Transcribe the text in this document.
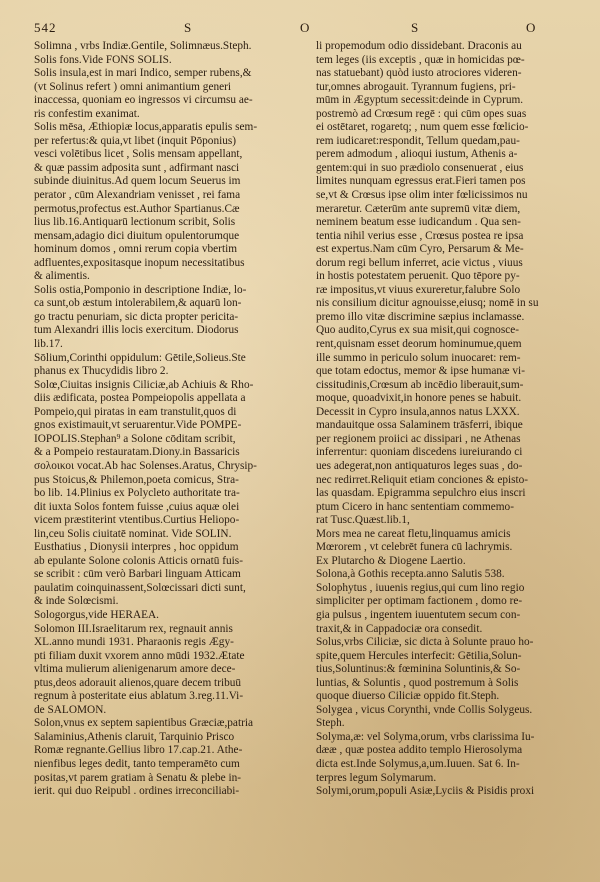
542	S	O	S	O
Solimna , vrbs Indiæ.Gentile, Solimnæus.Steph.
Solis fons.Vide FONS SOLIS.
Solis insula,est in mari Indico, semper rubens,&
(vt Solinus refert ) omni animantium generi
inaccessa, quoniam eo ingressos vi circumsu ae-
ris confestim exanimat.
Solis mēsa, Æthiopiæ locus,apparatis epulis sem-
per refertus:& quia,vt libet (inquit Pōponius)
vesci volētibus licet , Solis mensam appellant,
& quæ passim adposita sunt , adfirmant nasci
subinde diuinitus.Ad quem locum Seuerus im
perator , cūm Alexandriam venisset , rei fama
permotus,profectus est.Author Spartianus.Cæ
lius lib.16.Antiquarū lectionum scribit, Solis
mensam,adagio dici diuitum opulentorumque
hominum domos , omni rerum copia vbertim
adfluentes,expositasque inopum necessitatibus
& alimentis.
Solis ostia,Pomponio in descriptione Indiæ, lo-
ca sunt,ob æstum intolerabilem,& aquarū lon-
go tractu penuriam, sic dicta propter pericita-
tum Alexandri illis locis exercitum. Diodorus
lib.17.
Sōlium,Corinthi oppidulum: Gētile,Solieus.Ste
phanus ex Thucydidis libro 2.
Solœ,Ciuitas insignis Ciliciæ,ab Achiuis & Rho-
diis ædificata, postea Pompeiopolis appellata a
Pompeio,qui piratas in eam transtulit,quos di
gnos existimauit,vt seruarentur.Vide POMPE-
IOPOLIS.Stephan⁹ a Solone cōditam scribit,
& a Pompeio restauratam.Diony.in Bassaricis
σολοικοι vocat.Ab hac Solenses.Aratus, Chrysip-
pus Stoicus,& Philemon,poeta comicus, Stra-
bo lib. 14.Plinius ex Polycleto authoritate tra-
dit iuxta Solos fontem fuisse ,cuius aquæ olei
vicem præstiterint vtentibus.Curtius Heliopo-
lin,ceu Solis ciuitatē nominat. Vide SOLIN.
Eusthatius , Dionysii interpres , hoc oppidum
ab epulante Solone colonis Atticis ornatū fuis-
se scribit : cūm verò Barbari linguam Atticam
paulatim coinquinassent,Solœcissari dicti sunt,
& inde Solœcismi.
Sologorgus,vide HERAEA.
Solomon III.Israelitarum rex, regnauit annis
XL.anno mundi 1931. Pharaonis regis Ægy-
pti filiam duxit vxorem anno mūdi 1932.Ætate
vltima mulierum alienigenarum amore dece-
ptus,deos adorauit alienos,quare decem tribuū
regnum à posteritate eius ablatum 3.reg.11.Vi-
de SALOMON.
Solon,vnus ex septem sapientibus Græciæ,patria
Salaminius,Athenis claruit, Tarquinio Prisco
Romæ regnante.Gellius libro 17.cap.21. Athe-
nienfibus leges dedit, tanto temperamēto cum
positas,vt parem gratiam à Senatu & plebe in-
ierit. qui duo Reipubl . ordines irreconciliabi-
li propemodum odio dissidebant. Draconis au
tem leges (iis exceptis , quæ in homicidas pœ-
nas statuebant) quòd iusto atrociores videren-
tur,omnes abrogauit. Tyrannum fugiens, pri-
mūm in Ægyptum secessit:deinde in Cyprum.
postremò ad Crœsum regē : qui cūm opes suas
ei ostētaret, rogaretq; , num quem esse fœlicio-
rem iudicaret:respondit, Tellum quedam,pau-
perem admodum , alioqui iustum, Athenis a-
gentem:qui in suo prædiolo consenuerat , eius
limites nunquam egressus erat.Fieri tamen pos
se,vt & Crœsus ipse olim inter fœlicissimos nu
meraretur. Cæterūm ante supremū vitæ diem,
neminem beatum esse iudicandum . Qua sen-
tentia nihil verius esse , Crœsus postea re ipsa
est expertus.Nam cūm Cyro, Persarum & Me-
dorum regi bellum inferret, acie victus , viuus
in hostis potestatem peruenit. Quo tēpore py-
ræ impositus,vt viuus exureretur,falubre Solo
nis consilium dicitur agnouisse,eiusq; nomē in su
premo illo vitæ discrimine sæpius inclamasse.
Quo audito,Cyrus ex sua misit,qui cognosce-
rent,quisnam esset deorum hominumue,quem
ille summo in periculo solum inuocaret: rem-
que totam edoctus, memor & ipse humanæ vi-
cissitudinis,Crœsum ab incēdio liberauit,sum-
moque, quoadvixit,in honore penes se habuit.
Decessit in Cypro insula,annos natus LXXX.
mandauitque ossa Salaminem trāsferri, ibique
per regionem proiici ac dissipari , ne Athenas
inferrentur: quoniam discedens iureiurando ci
ues adegerat,non antiquaturos leges suas , do-
nec redirret.Reliquit etiam conciones & episto-
las quasdam. Epigramma sepulchro eius inscri
ptum Cicero in hanc sententiam commemo-
rat Tusc.Quæst.lib.1,
Mors mea ne careat fletu,linquamus amicis
Mœrorem , vt celebrēt funera cū lachrymis.
Ex Plutarcho & Diogene Laertio.
Solona,à Gothis recepta.anno Salutis 538.
Solophytus , iuuenis regius,qui cum lino regio
simpliciter per optimam factionem , domo re-
gia pulsus , ingentem iuuentutem secum con-
traxit,& in Cappadociæ ora consedit.
Solus,vrbs Ciliciæ, sic dicta à Solunte prauo ho-
spite,quem Hercules interfecit: Gētilia,Solun-
tius,Soluntinus:& fœminina Soluntinis,& So-
luntias, & Soluntis , quod postremum à Solis
quoque diuerso Ciliciæ oppido fit.Steph.
Solygea , vicus Corynthi, vnde Collis Solygeus.
Steph.
Solyma,æ: vel Solyma,orum, vrbs clarissima Iu-
dææ , quæ postea addito templo Hierosolyma
dicta est.Inde Solymus,a,um.Iuuen. Sat 6. In-
terpres legum Solymarum.
Solymi,orum,populi Asiæ,Lyciis & Pisidis proxi
